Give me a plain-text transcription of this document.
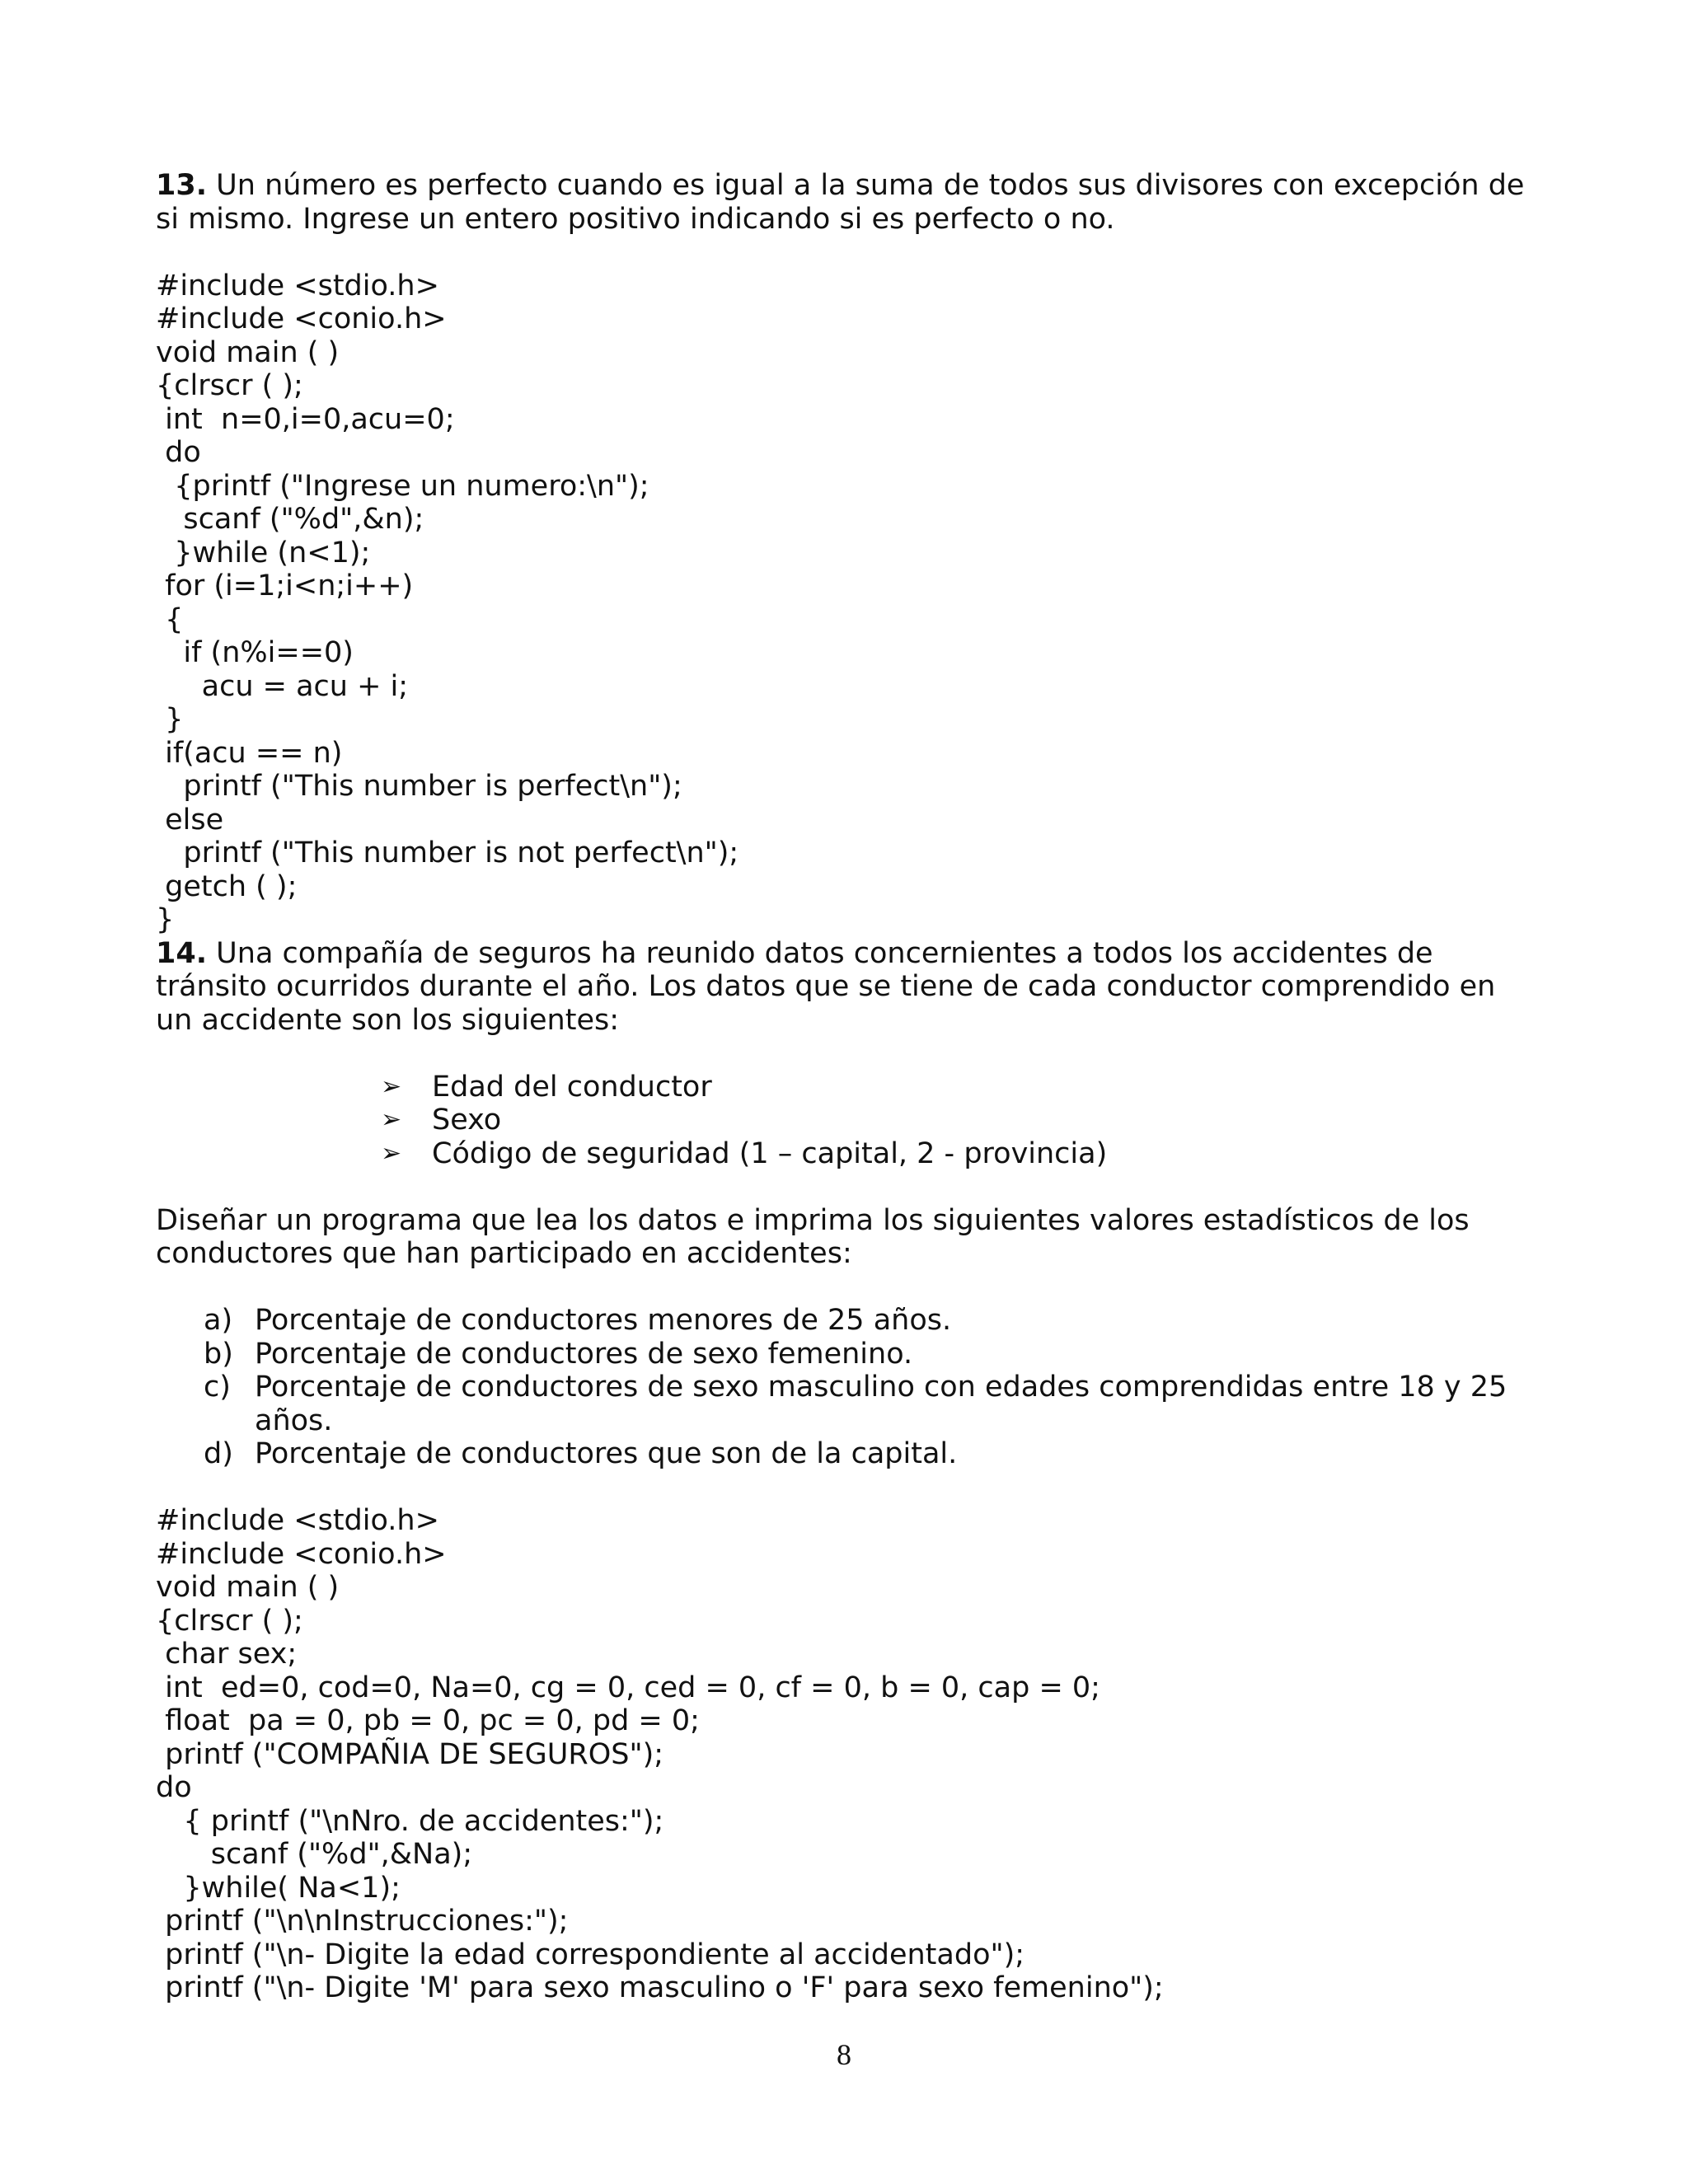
13. Un número es perfecto cuando es igual a la suma de todos sus divisores con excepción de si mismo. Ingrese un entero positivo indicando si es perfecto o no.

#include <stdio.h>
#include <conio.h>
void main ( )
{clrscr ( );
int  n=0,i=0,acu=0;
do
{printf ("Ingrese un numero:\n");
scanf ("%d",&n);
}while (n<1);
for (i=1;i<n;i++)
{
if (n%i==0)
acu = acu + i;
}
if(acu == n)
printf ("This number is perfect\n");
else
printf ("This number is not perfect\n");
getch ( );
}

14. Una compañía de seguros ha reunido datos concernientes a todos los accidentes de tránsito ocurridos durante el año. Los datos que se tiene de cada conductor comprendido en un accidente son los siguientes:

➢ Edad del conductor
➢ Sexo
➢ Código de seguridad (1 – capital, 2 - provincia)

Diseñar un programa que lea los datos e imprima los siguientes valores estadísticos de los conductores que han participado en accidentes:

a) Porcentaje de conductores menores de 25 años.
b) Porcentaje de conductores de sexo femenino.
c) Porcentaje de conductores de sexo masculino con edades comprendidas entre 18 y 25 años.
d) Porcentaje de conductores que son de la capital.
#include <stdio.h>
#include <conio.h>
void main ( )
{clrscr ( );
char sex;
int  ed=0, cod=0, Na=0, cg = 0, ced = 0, cf = 0, b = 0, cap = 0;
float  pa = 0, pb = 0, pc = 0, pd = 0;
printf ("COMPAÑIA DE SEGUROS");
do
{ printf ("\nNro. de accidentes:");
scanf ("%d",&Na);
}while( Na<1);
printf ("\n\nInstrucciones:");
printf ("\n- Digite la edad correspondiente al accidentado");
printf ("\n- Digite 'M' para sexo masculino o 'F' para sexo femenino");
8
